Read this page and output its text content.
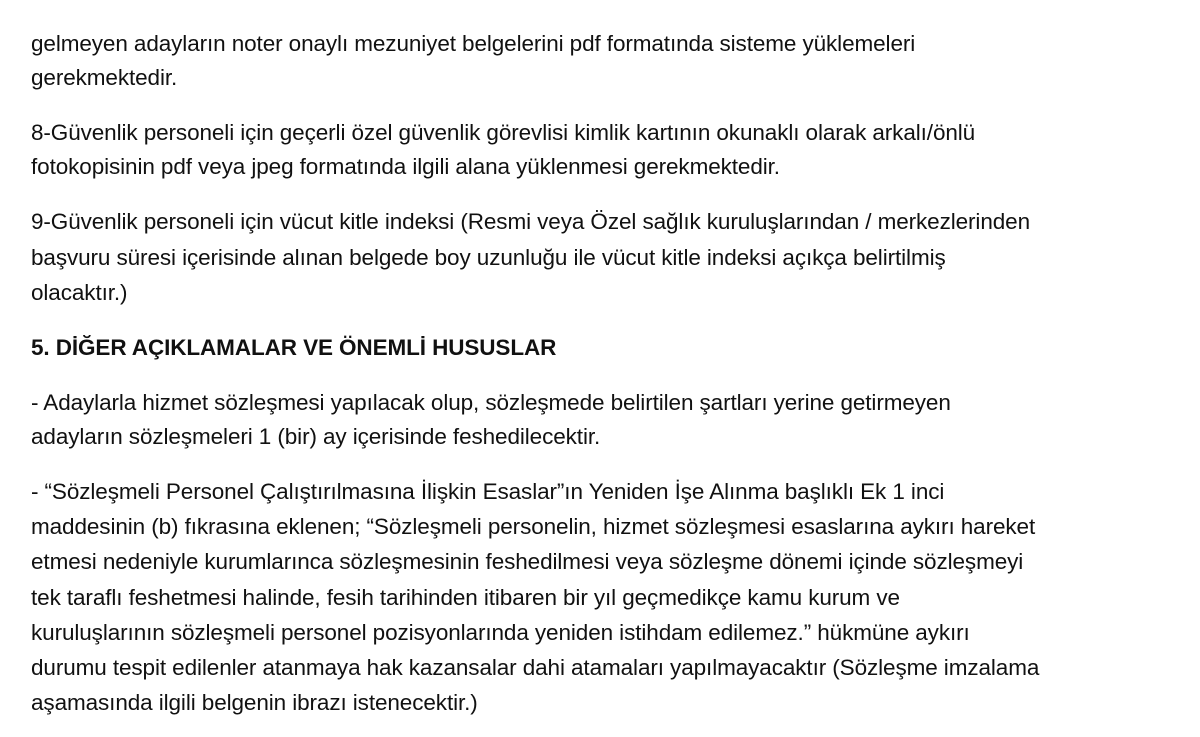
gelmeyen adayların noter onaylı mezuniyet belgelerini pdf formatında sisteme yüklemeleri
gerekmektedir.
8-Güvenlik personeli için geçerli özel güvenlik görevlisi kimlik kartının okunaklı olarak arkalı/önlü
fotokopisinin pdf veya jpeg formatında ilgili alana yüklenmesi gerekmektedir.
9-Güvenlik personeli için vücut kitle indeksi (Resmi veya Özel sağlık kuruluşlarından / merkezlerinden
başvuru süresi içerisinde alınan belgede boy uzunluğu ile vücut kitle indeksi açıkça belirtilmiş
olacaktır.)
5. DİĞER AÇIKLAMALAR VE ÖNEMLİ HUSUSLAR
- Adaylarla hizmet sözleşmesi yapılacak olup, sözleşmede belirtilen şartları yerine getirmeyen
adayların sözleşmeleri 1 (bir) ay içerisinde feshedilecektir.
- “Sözleşmeli Personel Çalıştırılmasına İlişkin Esaslar”ın Yeniden İşe Alınma başlıklı Ek 1 inci
maddesinin (b) fıkrasına eklenen; “Sözleşmeli personelin, hizmet sözleşmesi esaslarına aykırı hareket
etmesi nedeniyle kurumlarınca sözleşmesinin feshedilmesi veya sözleşme dönemi içinde sözleşmeyi
tek taraflı feshetmesi halinde, fesih tarihinden itibaren bir yıl geçmedikçe kamu kurum ve
kuruluşlarının sözleşmeli personel pozisyonlarında yeniden istihdam edilemez.” hükmüne aykırı
durumu tespit edilenler atanmaya hak kazansalar dahi atamaları yapılmayacaktır (Sözleşme imzalama
aşamasında ilgili belgenin ibrazı istenecektir.)
